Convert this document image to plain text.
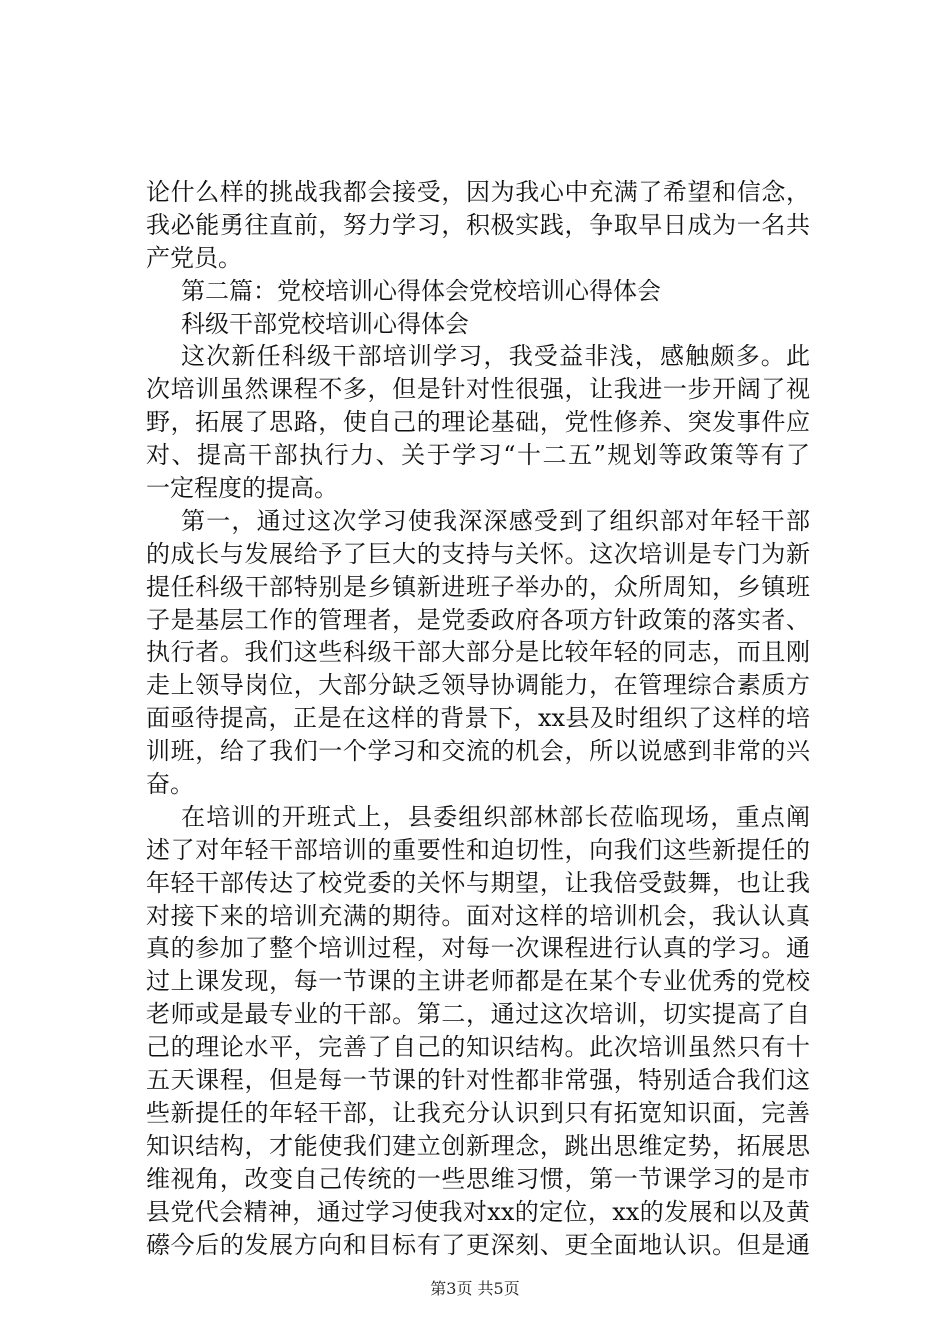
论什么样的挑战我都会接受，因为我心中充满了希望和信念，
我必能勇往直前，努力学习，积极实践，争取早日成为一名共
产党员。
第二篇：党校培训心得体会党校培训心得体会
科级干部党校培训心得体会
这次新任科级干部培训学习，我受益非浅，感触颇多。此
次培训虽然课程不多，但是针对性很强，让我进一步开阔了视
野，拓展了思路，使自己的理论基础，党性修养、突发事件应
对、提高干部执行力、关于学习“十二五”规划等政策等有了
一定程度的提高。
第一，通过这次学习使我深深感受到了组织部对年轻干部
的成长与发展给予了巨大的支持与关怀。这次培训是专门为新
提任科级干部特别是乡镇新进班子举办的，众所周知，乡镇班
子是基层工作的管理者，是党委政府各项方针政策的落实者、
执行者。我们这些科级干部大部分是比较年轻的同志，而且刚
走上领导岗位，大部分缺乏领导协调能力，在管理综合素质方
面亟待提高，正是在这样的背景下，xx县及时组织了这样的培
训班，给了我们一个学习和交流的机会，所以说感到非常的兴
奋。
在培训的开班式上，县委组织部林部长莅临现场，重点阐
述了对年轻干部培训的重要性和迫切性，向我们这些新提任的
年轻干部传达了校党委的关怀与期望，让我倍受鼓舞，也让我
对接下来的培训充满的期待。面对这样的培训机会，我认认真
真的参加了整个培训过程，对每一次课程进行认真的学习。通
过上课发现，每一节课的主讲老师都是在某个专业优秀的党校
老师或是最专业的干部。第二，通过这次培训，切实提高了自
己的理论水平，完善了自己的知识结构。此次培训虽然只有十
五天课程，但是每一节课的针对性都非常强，特别适合我们这
些新提任的年轻干部，让我充分认识到只有拓宽知识面，完善
知识结构，才能使我们建立创新理念，跳出思维定势，拓展思
维视角，改变自己传统的一些思维习惯，第一节课学习的是市
县党代会精神，通过学习使我对xx的定位，xx的发展和以及黄
礤今后的发展方向和目标有了更深刻、更全面地认识。但是通
第3页 共5页
